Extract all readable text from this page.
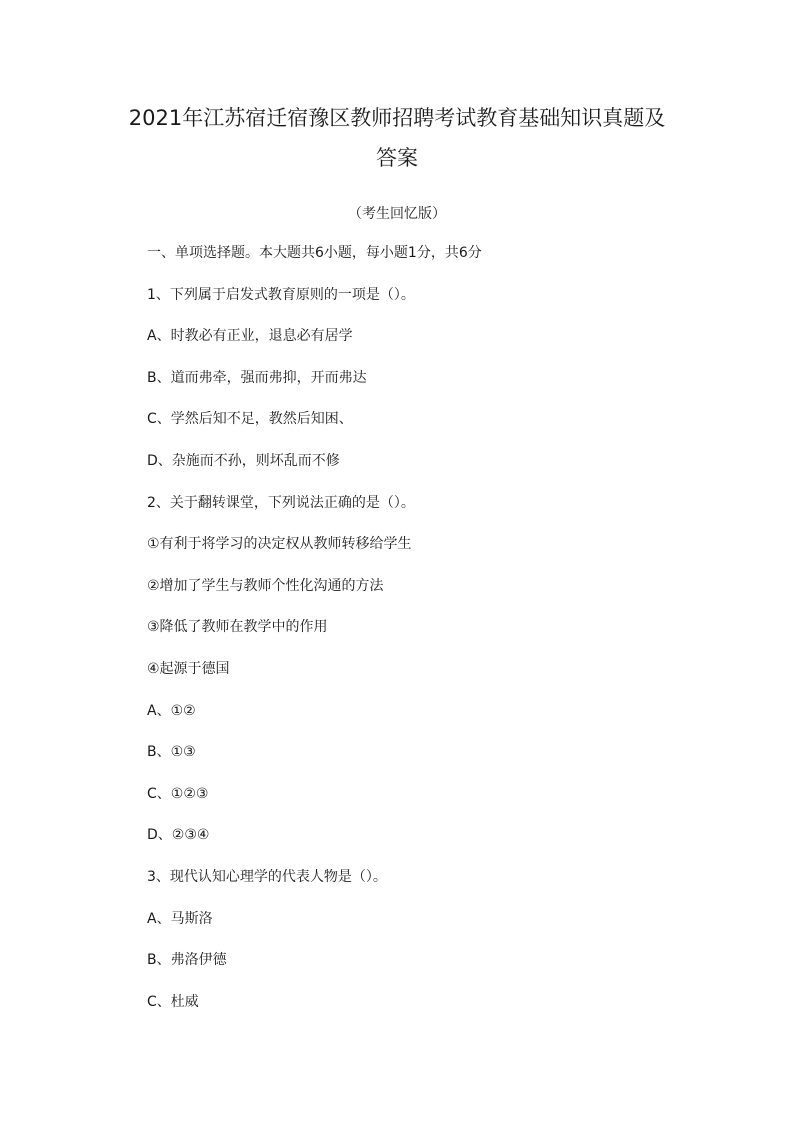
2021年江苏宿迁宿豫区教师招聘考试教育基础知识真题及
答案
（考生回忆版）
一、单项选择题。本大题共6小题，每小题1分，共6分
1、下列属于启发式教育原则的一项是（）。
A、时教必有正业，退息必有居学
B、道而弗牵，强而弗抑，开而弗达
C、学然后知不足，教然后知困、
D、杂施而不孙，则坏乱而不修
2、关于翻转课堂，下列说法正确的是（）。
①有利于将学习的决定权从教师转移给学生
②增加了学生与教师个性化沟通的方法
③降低了教师在教学中的作用
④起源于德国
A、①②
B、①③
C、①②③
D、②③④
3、现代认知心理学的代表人物是（）。
A、马斯洛
B、弗洛伊德
C、杜威
